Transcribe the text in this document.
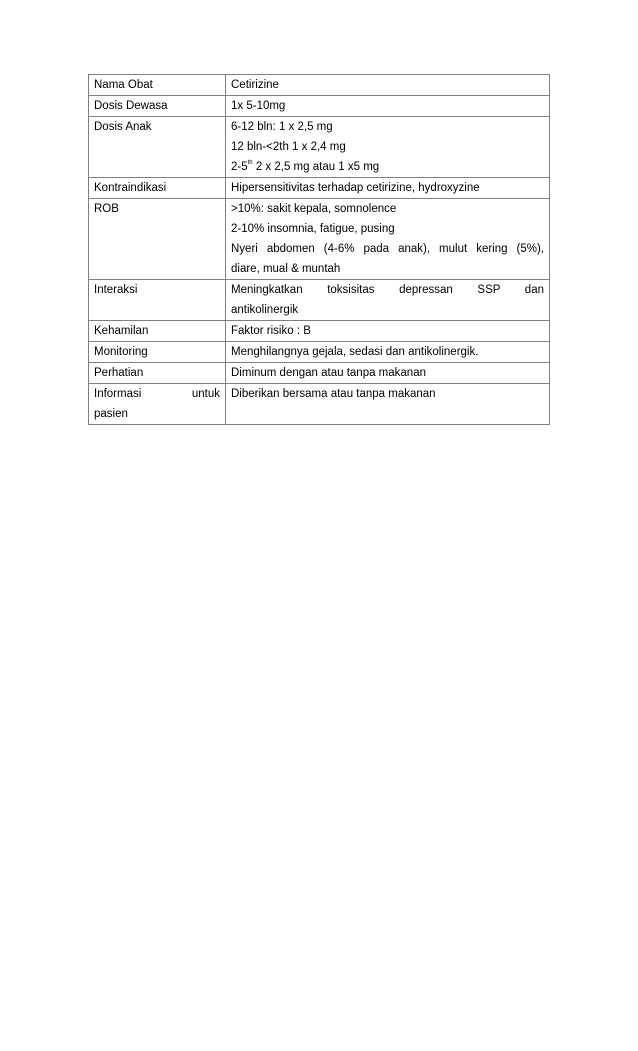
Nama Obat	Cetirizine

Dosis Dewasa	1x 5-10mg

Dosis Anak	6-12 bln: 1 x 2,5 mg
12 bln-<2th 1 x 2,4 mg
2-5th 2 x 2,5 mg atau 1 x5 mg

Kontraindikasi	Hipersensitivitas terhadap cetirizine, hydroxyzine

ROB	>10%: sakit kepala, somnolence
2-10% insomnia, fatigue, pusing
Nyeri abdomen (4-6% pada anak), mulut kering (5%),
diare, mual & muntah

Interaksi	Meningkatkan toksisitas depressan SSP dan
antikolinergik

Kehamilan	Faktor risiko : B

Monitoring	Menghilangnya gejala, sedasi dan antikolinergik.

Perhatian	Diminum dengan atau tanpa makanan

Informasi untuk
pasien	Diberikan bersama atau tanpa makanan
